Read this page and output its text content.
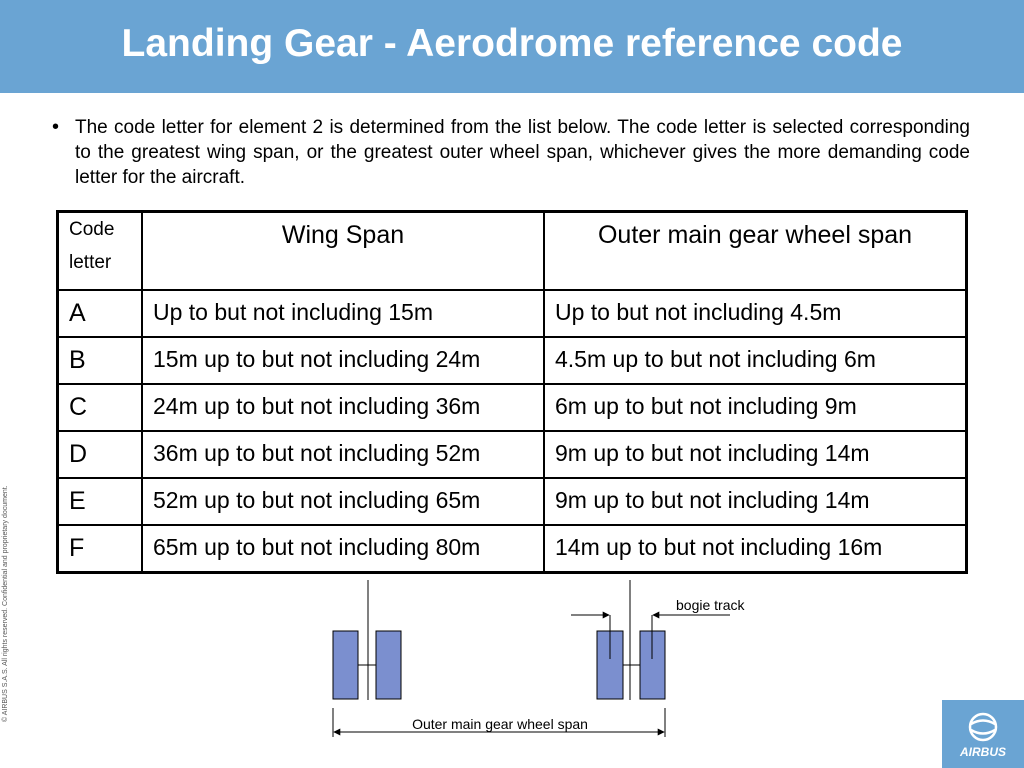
Landing Gear - Aerodrome reference code
• The code letter for element 2 is determined from the list below. The code letter is selected corresponding to the greatest wing span, or the greatest outer wheel span, whichever gives the more demanding code letter for the aircraft.
Code
letter	Wing Span	Outer main gear wheel span
A	Up to but not including 15m	Up to but not including 4.5m
B	15m up to but not including 24m	4.5m up to but not including 6m
C	24m up to but not including 36m	6m up to but not including 9m
D	36m up to but not including 52m	9m up to but not including 14m
E	52m up to but not including 65m	9m up to but not including 14m
F	65m up to but not including 80m	14m up to but not including 16m
bogie track
Outer main gear wheel span
© AIRBUS S.A.S. All rights reserved. Confidential and proprietary document.
AIRBUS
